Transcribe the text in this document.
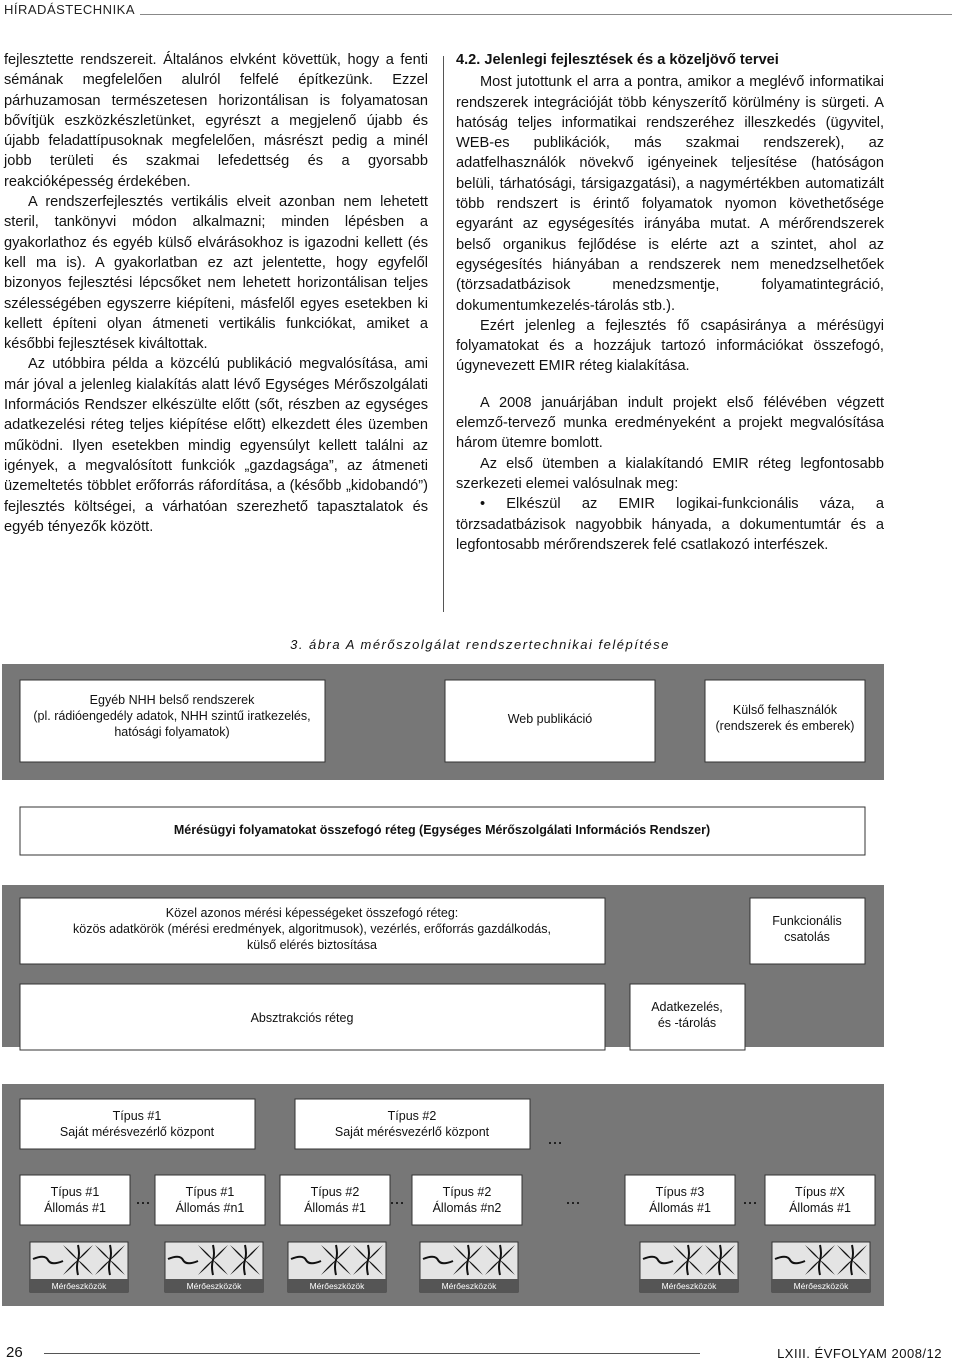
HÍRADÁSTECHNIKA

fejlesztette rendszereit. Általános elvként követtük, hogy a fenti sémának megfelelően alulról felfelé építkezünk. Ezzel párhuzamosan természetesen horizontálisan is folyamatosan bővítjük eszközkészletünket, egyrészt a megjelenő újabb és újabb feladattípusoknak megfelelően, másrészt pedig a minél jobb területi és szakmai lefedettség és a gyorsabb reakcióképesség érdekében.

A rendszerfejlesztés vertikális elveit azonban nem lehetett steril, tankönyvi módon alkalmazni; minden lépésben a gyakorlathoz és egyéb külső elvárásokhoz is igazodni kellett (és kell ma is). A gyakorlatban ez azt jelentette, hogy egyfelől bizonyos fejlesztési lépcsőket nem lehetett horizontálisan teljes szélességében egyszerre kiépíteni, másfelől egyes esetekben ki kellett építeni olyan átmeneti vertikális funkciókat, amiket a későbbi fejlesztések kiváltottak.

Az utóbbira példa a közcélú publikáció megvalósítása, ami már jóval a jelenleg kialakítás alatt lévő Egységes Mérőszolgálati Információs Rendszer elkészülte előtt (sőt, részben az egységes adatkezelési réteg teljes kiépítése előtt) elkezdett éles üzemben működni. Ilyen esetekben mindig egyensúlyt kellett találni az igények, a megvalósított funkciók „gazdagsága”, az átmeneti üzemeltetés többlet erőforrás ráfordítása, a (később „kidobandó”) fejlesztés költségei, a várhatóan szerezhető tapasztalatok és egyéb tényezők között.

4.2. Jelenlegi fejlesztések és a közeljövő tervei

Most jutottunk el arra a pontra, amikor a meglévő informatikai rendszerek integrációját több kényszerítő körülmény is sürgeti. A hatóság teljes informatikai rendszeréhez illeszkedés (ügyvitel, WEB-es publikációk, más szakmai rendszerek), az adatfelhasználók növekvő igényeinek teljesítése (hatóságon belüli, tárhatósági, társigazgatási), a nagymértékben automatizált több rendszert is érintő folyamatok nyomon követhetősége egyaránt az egységesítés irányába mutat. A mérőrendszerek belső organikus fejlődése is elérte azt a szintet, ahol az egységesítés hiányában a rendszerek nem menedzselhetőek (törzsadatbázisok menedzsmentje, folyamatintegráció, dokumentumkezelés-tárolás stb.).

Ezért jelenleg a fejlesztés fő csapásiránya a mérésügyi folyamatokat és a hozzájuk tartozó információkat összefogó, úgynevezett EMIR réteg kialakítása.

A 2008 januárjában indult projekt első félévében végzett elemző-tervező munka eredményeként a projekt megvalósítása három ütemre bomlott.

Az első ütemben a kialakítandó EMIR réteg legfontosabb szerkezeti elemei valósulnak meg:

• Elkészül az EMIR logikai-funkcionális váza, a törzsadatbázisok nagyobbik hányada, a dokumentumtár és a legfontosabb mérőrendszerek felé csatlakozó interfészek.

3. ábra A mérőszolgálat rendszertechnikai felépítése
Egyéb NHH belső rendszerek
(pl. rádióengedély adatok, NHH szintű iratkezelés,
hatósági folyamatok)
Web publikáció
Külső felhasználók
(rendszerek és emberek)
Mérésügyi folyamatokat összefogó réteg (Egységes Mérőszolgálati Információs Rendszer)
Közel azonos mérési képességeket összefogó réteg:
közös adatkörök (mérési eredmények, algoritmusok), vezérlés, erőforrás gazdálkodás,
külső elérés biztosítása
Funkcionális
csatolás
Absztrakciós réteg
Adatkezelés,
és -tárolás
Típus #1
Saját mérésvezérlő központ
Típus #2
Saját mérésvezérlő központ	...
Típus #1
Állomás #1 ...	Típus #1
Állomás #n1
Típus #2
Állomás #1 ...	Típus #2
Állomás #n2	...	Típus #3
Állomás #1 ...	Típus #X
Állomás #1
Mérőeszközök	Mérőeszközök	Mérőeszközök	Mérőeszközök	Mérőeszközök	Mérőeszközök
26	LXIII. ÉVFOLYAM 2008/12
